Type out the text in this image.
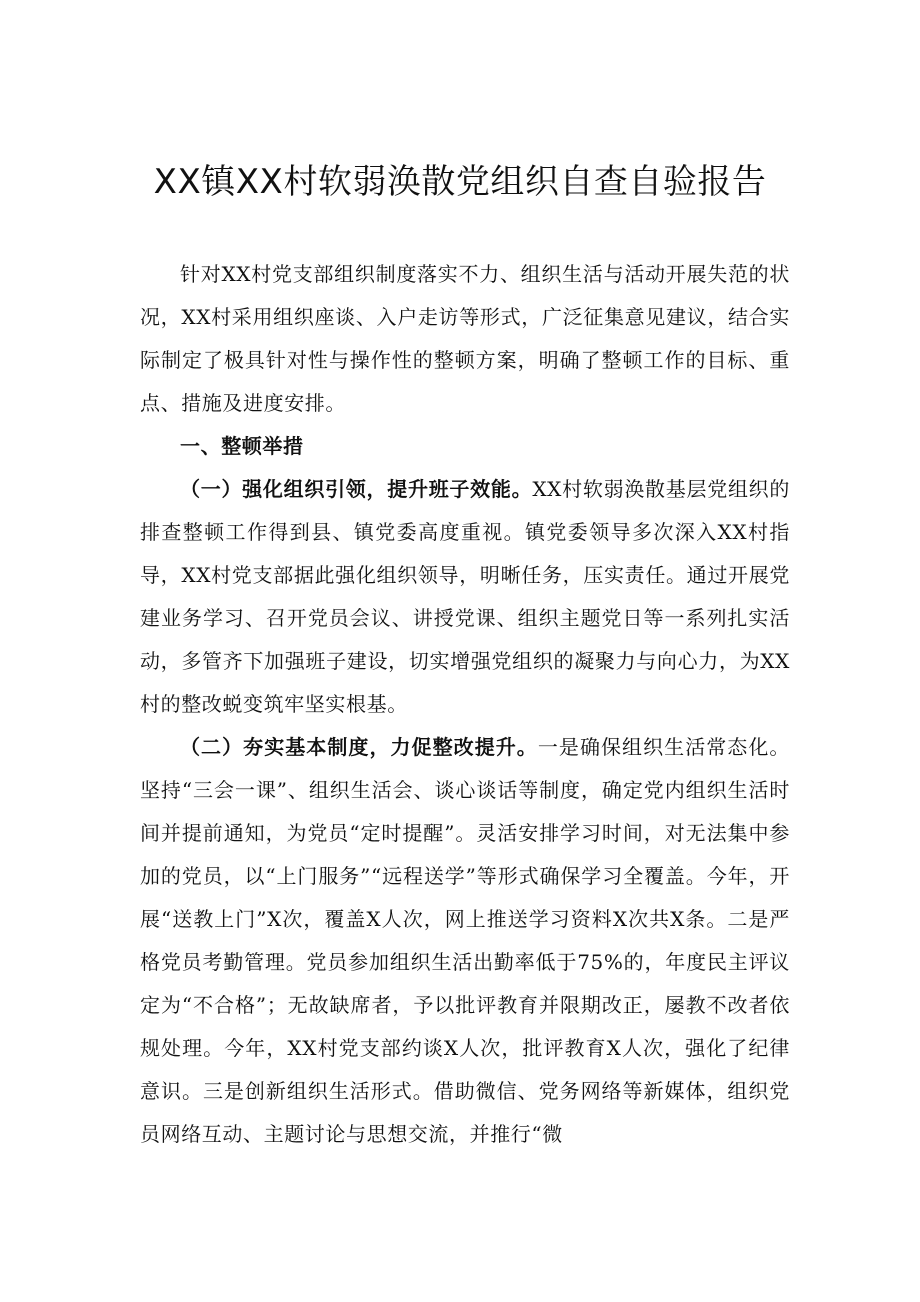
XX镇XX村软弱涣散党组织自查自验报告

针对XX村党支部组织制度落实不力、组织生活与活动开展失范的状况，XX村采用组织座谈、入户走访等形式，广泛征集意见建议，结合实际制定了极具针对性与操作性的整顿方案，明确了整顿工作的目标、重点、措施及进度安排。

一、整顿举措

（一）强化组织引领，提升班子效能。XX村软弱涣散基层党组织的排查整顿工作得到县、镇党委高度重视。镇党委领导多次深入XX村指导，XX村党支部据此强化组织领导，明晰任务，压实责任。通过开展党建业务学习、召开党员会议、讲授党课、组织主题党日等一系列扎实活动，多管齐下加强班子建设，切实增强党组织的凝聚力与向心力，为XX村的整改蜕变筑牢坚实根基。

（二）夯实基本制度，力促整改提升。一是确保组织生活常态化。坚持“三会一课”、组织生活会、谈心谈话等制度，确定党内组织生活时间并提前通知，为党员“定时提醒”。灵活安排学习时间，对无法集中参加的党员，以“上门服务”“远程送学”等形式确保学习全覆盖。今年，开展“送教上门”X次，覆盖X人次，网上推送学习资料X次共X条。二是严格党员考勤管理。党员参加组织生活出勤率低于75%的，年度民主评议定为“不合格”；无故缺席者，予以批评教育并限期改正，屡教不改者依规处理。今年，XX村党支部约谈X人次，批评教育X人次，强化了纪律意识。三是创新组织生活形式。借助微信、党务网络等新媒体，组织党员网络互动、主题讨论与思想交流，并推行“微
